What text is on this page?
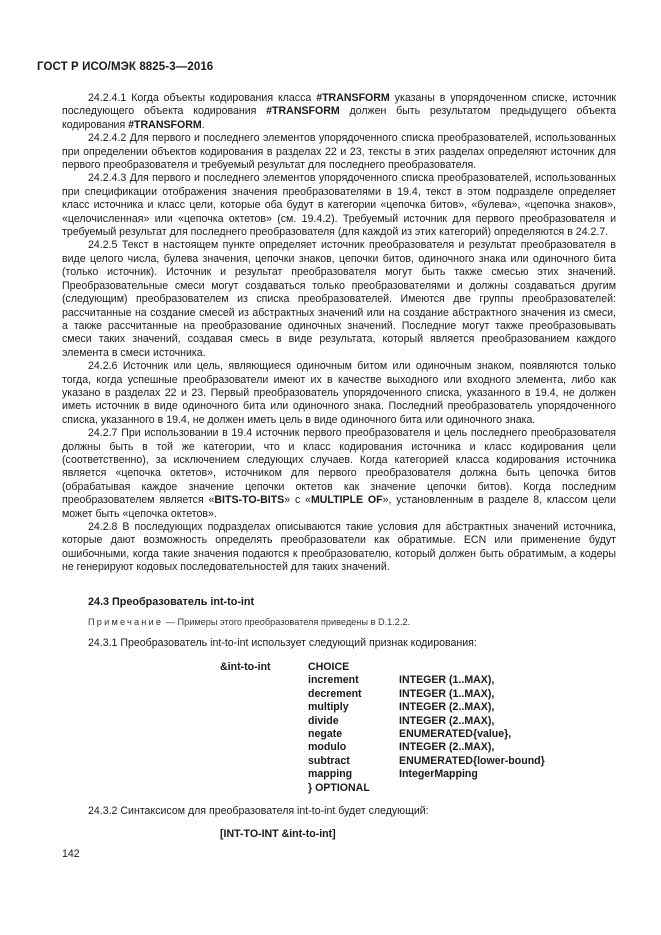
ГОСТ Р ИСО/МЭК 8825-3—2016

24.2.4.1 Когда объекты кодирования класса #TRANSFORM указаны в упорядоченном списке, источник последующего объекта кодирования #TRANSFORM должен быть результатом предыдущего объекта кодирования #TRANSFORM.

24.2.4.2 Для первого и последнего элементов упорядоченного списка преобразователей, использованных при определении объектов кодирования в разделах 22 и 23, тексты в этих разделах определяют источник для первого преобразователя и требуемый результат для последнего преобразователя.

24.2.4.3 Для первого и последнего элементов упорядоченного списка преобразователей, использованных при спецификации отображения значения преобразователями в 19.4, текст в этом подразделе определяет класс источника и класс цели, которые оба будут в категории «цепочка битов», «булева», «цепочка знаков», «целочисленная» или «цепочка октетов» (см. 19.4.2). Требуемый источник для первого преобразователя и требуемый результат для последнего преобразователя (для каждой из этих категорий) определяются в 24.2.7.

24.2.5 Текст в настоящем пункте определяет источник преобразователя и результат преобразователя в виде целого числа, булева значения, цепочки знаков, цепочки битов, одиночного знака или одиночного бита (только источник). Источник и результат преобразователя могут быть также смесью этих значений. Преобразовательные смеси могут создаваться только преобразователями и должны создаваться другим (следующим) преобразователем из списка преобразователей. Имеются две группы преобразователей: рассчитанные на создание смесей из абстрактных значений или на создание абстрактного значения из смеси, а также рассчитанные на преобразование одиночных значений. Последние могут также преобразовывать смеси таких значений, создавая смесь в виде результата, который является преобразованием каждого элемента в смеси источника.

24.2.6 Источник или цель, являющиеся одиночным битом или одиночным знаком, появляются только тогда, когда успешные преобразователи имеют их в качестве выходного или входного элемента, либо как указано в разделах 22 и 23. Первый преобразователь упорядоченного списка, указанного в 19.4, не должен иметь источник в виде одиночного бита или одиночного знака. Последний преобразователь упорядоченного списка, указанного в 19.4, не должен иметь цель в виде одиночного бита или одиночного знака.

24.2.7 При использовании в 19.4 источник первого преобразователя и цель последнего преобразователя должны быть в той же категории, что и класс кодирования источника и класс кодирования цели (соответственно), за исключением следующих случаев. Когда категорией класса кодирования источника является «цепочка октетов», источником для первого преобразователя должна быть цепочка битов (обрабатывая каждое значение цепочки октетов как значение цепочки битов). Когда последним преобразователем является «BITS-TO-BITS» с «MULTIPLE OF», установленным в разделе 8, классом цели может быть «цепочка октетов».

24.2.8 В последующих подразделах описываются такие условия для абстрактных значений источника, которые дают возможность определять преобразователи как обратимые. ECN или применение будут ошибочными, когда такие значения подаются к преобразователю, который должен быть обратимым, а кодеры не генерируют кодовых последовательностей для таких значений.

24.3 Преобразователь int-to-int
Примечание — Примеры этого преобразователя приведены в D.1.2.2.
24.3.1 Преобразователь int-to-int использует следующий признак кодирования:
&int-to-int	CHOICE
increment	INTEGER (1..MAX),
decrement	INTEGER (1..MAX),
multiply	INTEGER (2..MAX),
divide	INTEGER (2..MAX),
negate	ENUMERATED{value},
modulo	INTEGER (2..MAX),
subtract	ENUMERATED{lower-bound}
mapping	IntegerMapping
} OPTIONAL
24.3.2 Синтаксисом для преобразователя int-to-int будет следующий:
[INT-TO-INT &int-to-int]
142
